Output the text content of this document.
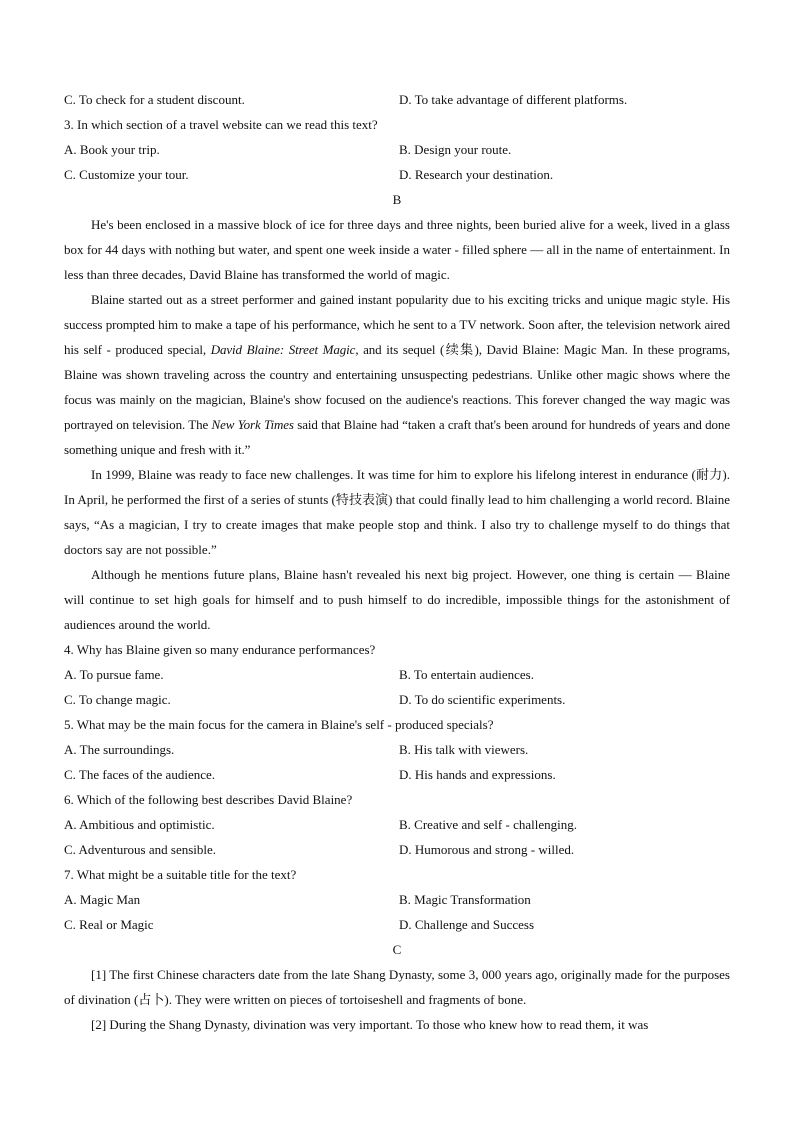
C. To check for a student discount.	D. To take advantage of different platforms.
3. In which section of a travel website can we read this text?
A. Book your trip.	B. Design your route.
C. Customize your tour.	D. Research your destination.
B

He's been enclosed in a massive block of ice for three days and three nights, been buried alive for a week, lived in a glass box for 44 days with nothing but water, and spent one week inside a water - filled sphere — all in the name of entertainment. In less than three decades, David Blaine has transformed the world of magic.

Blaine started out as a street performer and gained instant popularity due to his exciting tricks and unique magic style. His success prompted him to make a tape of his performance, which he sent to a TV network. Soon after, the television network aired his self - produced special, David Blaine: Street Magic, and its sequel (续集), David Blaine: Magic Man. In these programs, Blaine was shown traveling across the country and entertaining unsuspecting pedestrians. Unlike other magic shows where the focus was mainly on the magician, Blaine's show focused on the audience's reactions. This forever changed the way magic was portrayed on television. The New York Times said that Blaine had “taken a craft that's been around for hundreds of years and done something unique and fresh with it.”

In 1999, Blaine was ready to face new challenges. It was time for him to explore his lifelong interest in endurance (耐力). In April, he performed the first of a series of stunts (特技表演) that could finally lead to him challenging a world record. Blaine says, “As a magician, I try to create images that make people stop and think. I also try to challenge myself to do things that doctors say are not possible.”

Although he mentions future plans, Blaine hasn't revealed his next big project. However, one thing is certain — Blaine will continue to set high goals for himself and to push himself to do incredible, impossible things for the astonishment of audiences around the world.

4. Why has Blaine given so many endurance performances?
A. To pursue fame.	B. To entertain audiences.
C. To change magic.	D. To do scientific experiments.
5. What may be the main focus for the camera in Blaine's self - produced specials?
A. The surroundings.	B. His talk with viewers.
C. The faces of the audience.	D. His hands and expressions.
6. Which of the following best describes David Blaine?
A. Ambitious and optimistic.	B. Creative and self - challenging.
C. Adventurous and sensible.	D. Humorous and strong - willed.
7. What might be a suitable title for the text?
A. Magic Man	B. Magic Transformation
C. Real or Magic	D. Challenge and Success
C

[1] The first Chinese characters date from the late Shang Dynasty, some 3, 000 years ago, originally made for the purposes of divination (占卜). They were written on pieces of tortoiseshell and fragments of bone.

[2] During the Shang Dynasty, divination was very important. To those who knew how to read them, it was
